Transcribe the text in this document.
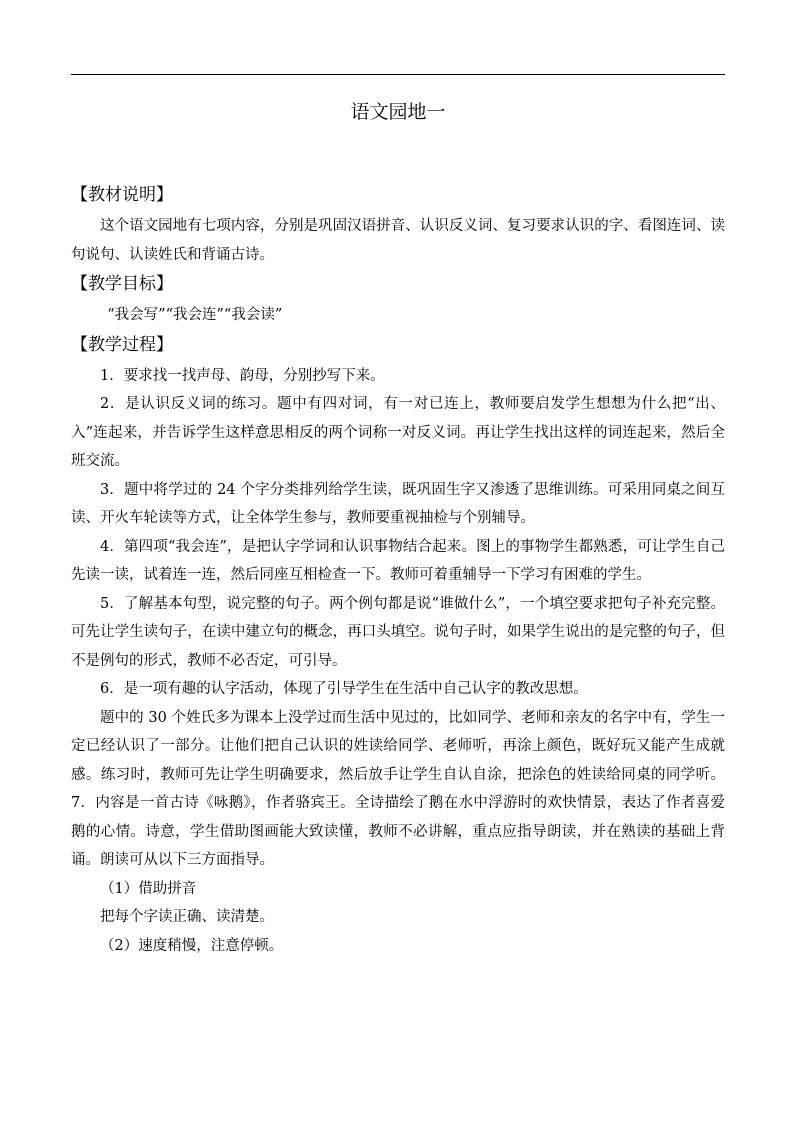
语文园地一
【教材说明】

这个语文园地有七项内容，分别是巩固汉语拼音、认识反义词、复习要求认识的字、看图连词、读句说句、认读姓氏和背诵古诗。

【教学目标】

“我会写”“我会连”“我会读”

【教学过程】

1．要求找一找声母、韵母，分别抄写下来。

2．是认识反义词的练习。题中有四对词，有一对已连上，教师要启发学生想想为什么把“出、入”连起来，并告诉学生这样意思相反的两个词称一对反义词。再让学生找出这样的词连起来，然后全班交流。

3．题中将学过的 24 个字分类排列给学生读，既巩固生字又渗透了思维训练。可采用同桌之间互读、开火车轮读等方式，让全体学生参与，教师要重视抽检与个别辅导。

4．第四项“我会连”，是把认字学词和认识事物结合起来。图上的事物学生都熟悉，可让学生自己先读一读，试着连一连，然后同座互相检查一下。教师可着重辅导一下学习有困难的学生。

5．了解基本句型，说完整的句子。两个例句都是说“谁做什么”，一个填空要求把句子补充完整。可先让学生读句子，在读中建立句的概念，再口头填空。说句子时，如果学生说出的是完整的句子，但不是例句的形式，教师不必否定，可引导。

6．是一项有趣的认字活动，体现了引导学生在生活中自己认字的教改思想。

题中的 30 个姓氏多为课本上没学过而生活中见过的，比如同学、老师和亲友的名字中有，学生一定已经认识了一部分。让他们把自己认识的姓读给同学、老师听，再涂上颜色，既好玩又能产生成就感。练习时，教师可先让学生明确要求，然后放手让学生自认自涂，把涂色的姓读给同桌的同学听。7．内容是一首古诗《咏鹅》，作者骆宾王。全诗描绘了鹅在水中浮游时的欢快情景，表达了作者喜爱鹅的心情。诗意，学生借助图画能大致读懂，教师不必讲解，重点应指导朗读，并在熟读的基础上背诵。朗读可从以下三方面指导。

（1）借助拼音

把每个字读正确、读清楚。

（2）速度稍慢，注意停顿。
